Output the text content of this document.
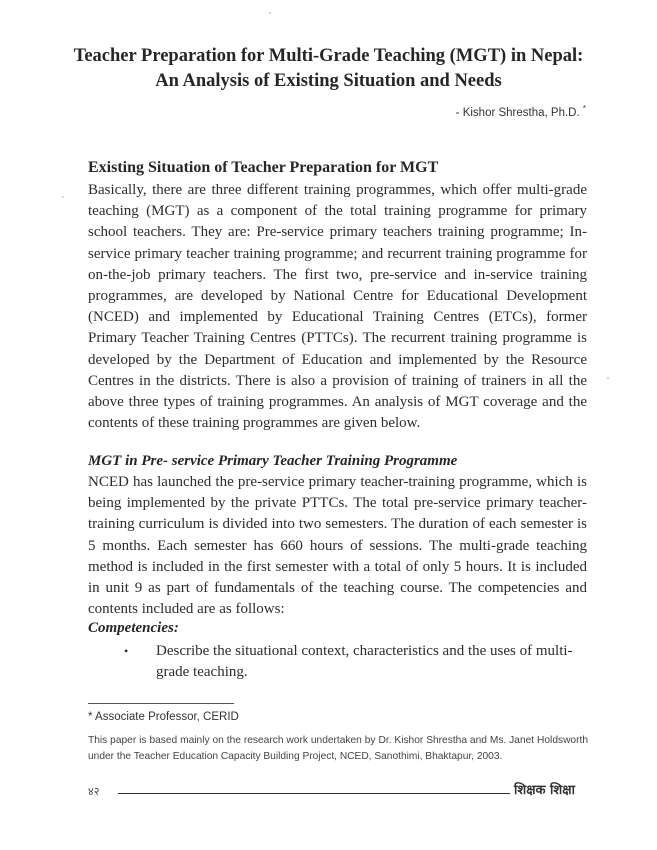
Teacher Preparation for Multi-Grade Teaching (MGT) in Nepal:
An Analysis of Existing Situation and Needs
- Kishor Shrestha, Ph.D. *
Existing Situation of Teacher Preparation for MGT
Basically, there are three different training programmes, which offer multi-grade teaching (MGT) as a component of the total training programme for primary school teachers. They are: Pre-service primary teachers training programme; In-service primary teacher training programme; and recurrent training programme for on-the-job primary teachers. The first two, pre-service and in-service training programmes, are developed by National Centre for Educational Development (NCED) and implemented by Educational Training Centres (ETCs), former Primary Teacher Training Centres (PTTCs). The recurrent training programme is developed by the Department of Education and implemented by the Resource Centres in the districts. There is also a provision of training of trainers in all the above three types of training programmes. An analysis of MGT coverage and the contents of these training programmes are given below.
MGT in Pre- service Primary Teacher Training Programme
NCED has launched the pre-service primary teacher-training programme, which is being implemented by the private PTTCs. The total pre-service primary teacher-training curriculum is divided into two semesters. The duration of each semester is 5 months. Each semester has 660 hours of sessions. The multi-grade teaching method is included in the first semester with a total of only 5 hours. It is included in unit 9 as part of fundamentals of the teaching course. The competencies and contents included are as follows:
Competencies:
• Describe the situational context, characteristics and the uses of multi-grade teaching.
* Associate Professor, CERID
This paper is based mainly on the research work undertaken by Dr. Kishor Shrestha and Ms. Janet Holdsworth under the Teacher Education Capacity Building Project, NCED, Sanothimi, Bhaktapur, 2003.
४२	शिक्षक शिक्षा
